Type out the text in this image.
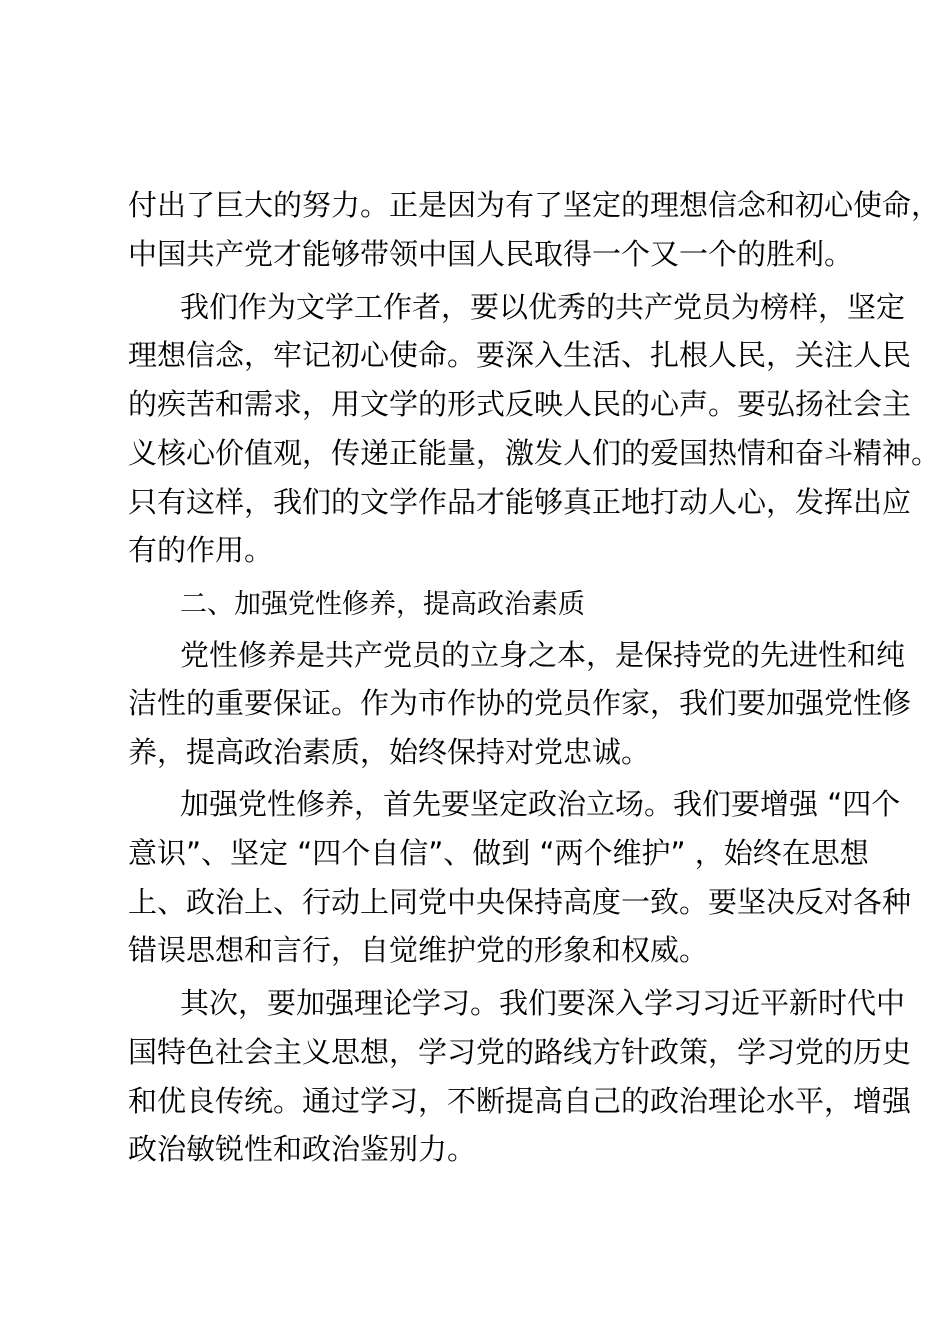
付出了巨大的努力。正是因为有了坚定的理想信念和初心使命，
中国共产党才能够带领中国人民取得一个又一个的胜利。
我们作为文学工作者，要以优秀的共产党员为榜样，坚定
理想信念，牢记初心使命。要深入生活、扎根人民，关注人民
的疾苦和需求，用文学的形式反映人民的心声。要弘扬社会主
义核心价值观，传递正能量，激发人们的爱国热情和奋斗精神。
只有这样，我们的文学作品才能够真正地打动人心，发挥出应
有的作用。
二、加强党性修养，提高政治素质
党性修养是共产党员的立身之本，是保持党的先进性和纯
洁性的重要保证。作为市作协的党员作家，我们要加强党性修
养，提高政治素质，始终保持对党忠诚。
加强党性修养，首先要坚定政治立场。我们要增强 “四个
意识”、坚定 “四个自信”、做到 “两个维护” ，始终在思想
上、政治上、行动上同党中央保持高度一致。要坚决反对各种
错误思想和言行，自觉维护党的形象和权威。
其次，要加强理论学习。我们要深入学习习近平新时代中
国特色社会主义思想，学习党的路线方针政策，学习党的历史
和优良传统。通过学习，不断提高自己的政治理论水平，增强
政治敏锐性和政治鉴别力。
